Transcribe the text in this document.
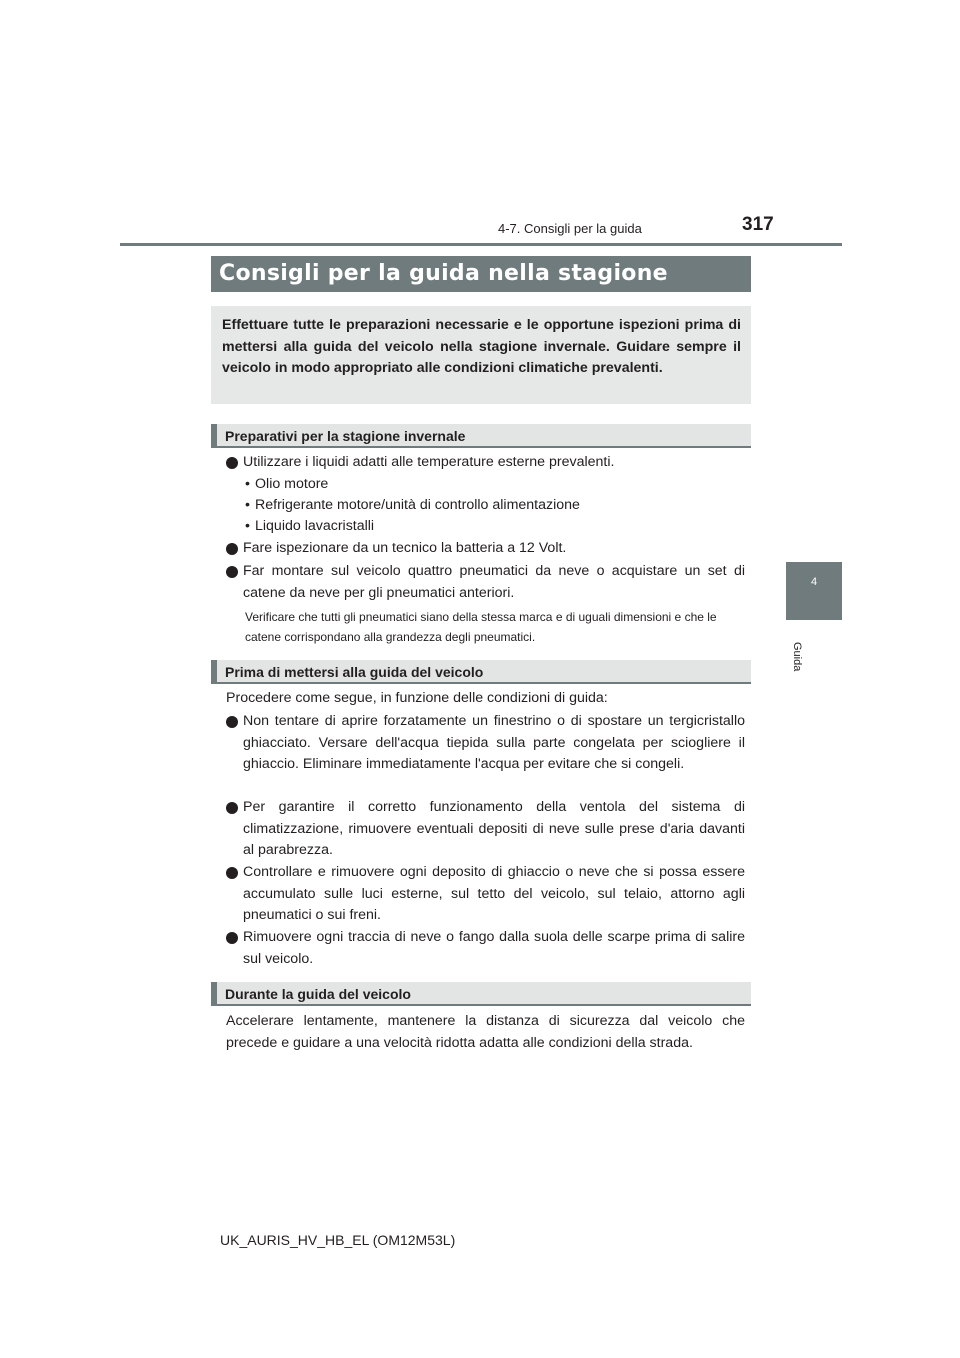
317
4-7. Consigli per la guida
4
Guida
Consigli per la guida nella stagione
Effettuare tutte le preparazioni necessarie e le opportune ispezioni prima di mettersi alla guida del veicolo nella stagione invernale. Guidare sempre il veicolo in modo appropriato alle condizioni climatiche prevalenti.
Preparativi per la stagione invernale
Utilizzare i liquidi adatti alle temperature esterne prevalenti.
• Olio motore
• Refrigerante motore/unità di controllo alimentazione
• Liquido lavacristalli
Fare ispezionare da un tecnico la batteria a 12 Volt.
Far montare sul veicolo quattro pneumatici da neve o acquistare un set di catene da neve per gli pneumatici anteriori.
Verificare che tutti gli pneumatici siano della stessa marca e di uguali dimensioni e che le catene corrispondano alla grandezza degli pneumatici.
Prima di mettersi alla guida del veicolo
Procedere come segue, in funzione delle condizioni di guida:
Non tentare di aprire forzatamente un finestrino o di spostare un tergicristallo ghiacciato. Versare dell'acqua tiepida sulla parte congelata per sciogliere il ghiaccio. Eliminare immediatamente l'acqua per evitare che si congeli.
Per garantire il corretto funzionamento della ventola del sistema di climatizzazione, rimuovere eventuali depositi di neve sulle prese d'aria davanti al parabrezza.
Controllare e rimuovere ogni deposito di ghiaccio o neve che si possa essere accumulato sulle luci esterne, sul tetto del veicolo, sul telaio, attorno agli pneumatici o sui freni.
Rimuovere ogni traccia di neve o fango dalla suola delle scarpe prima di salire sul veicolo.
Durante la guida del veicolo
Accelerare lentamente, mantenere la distanza di sicurezza dal veicolo che precede e guidare a una velocità ridotta adatta alle condizioni della strada.
UK_AURIS_HV_HB_EL (OM12M53L)
